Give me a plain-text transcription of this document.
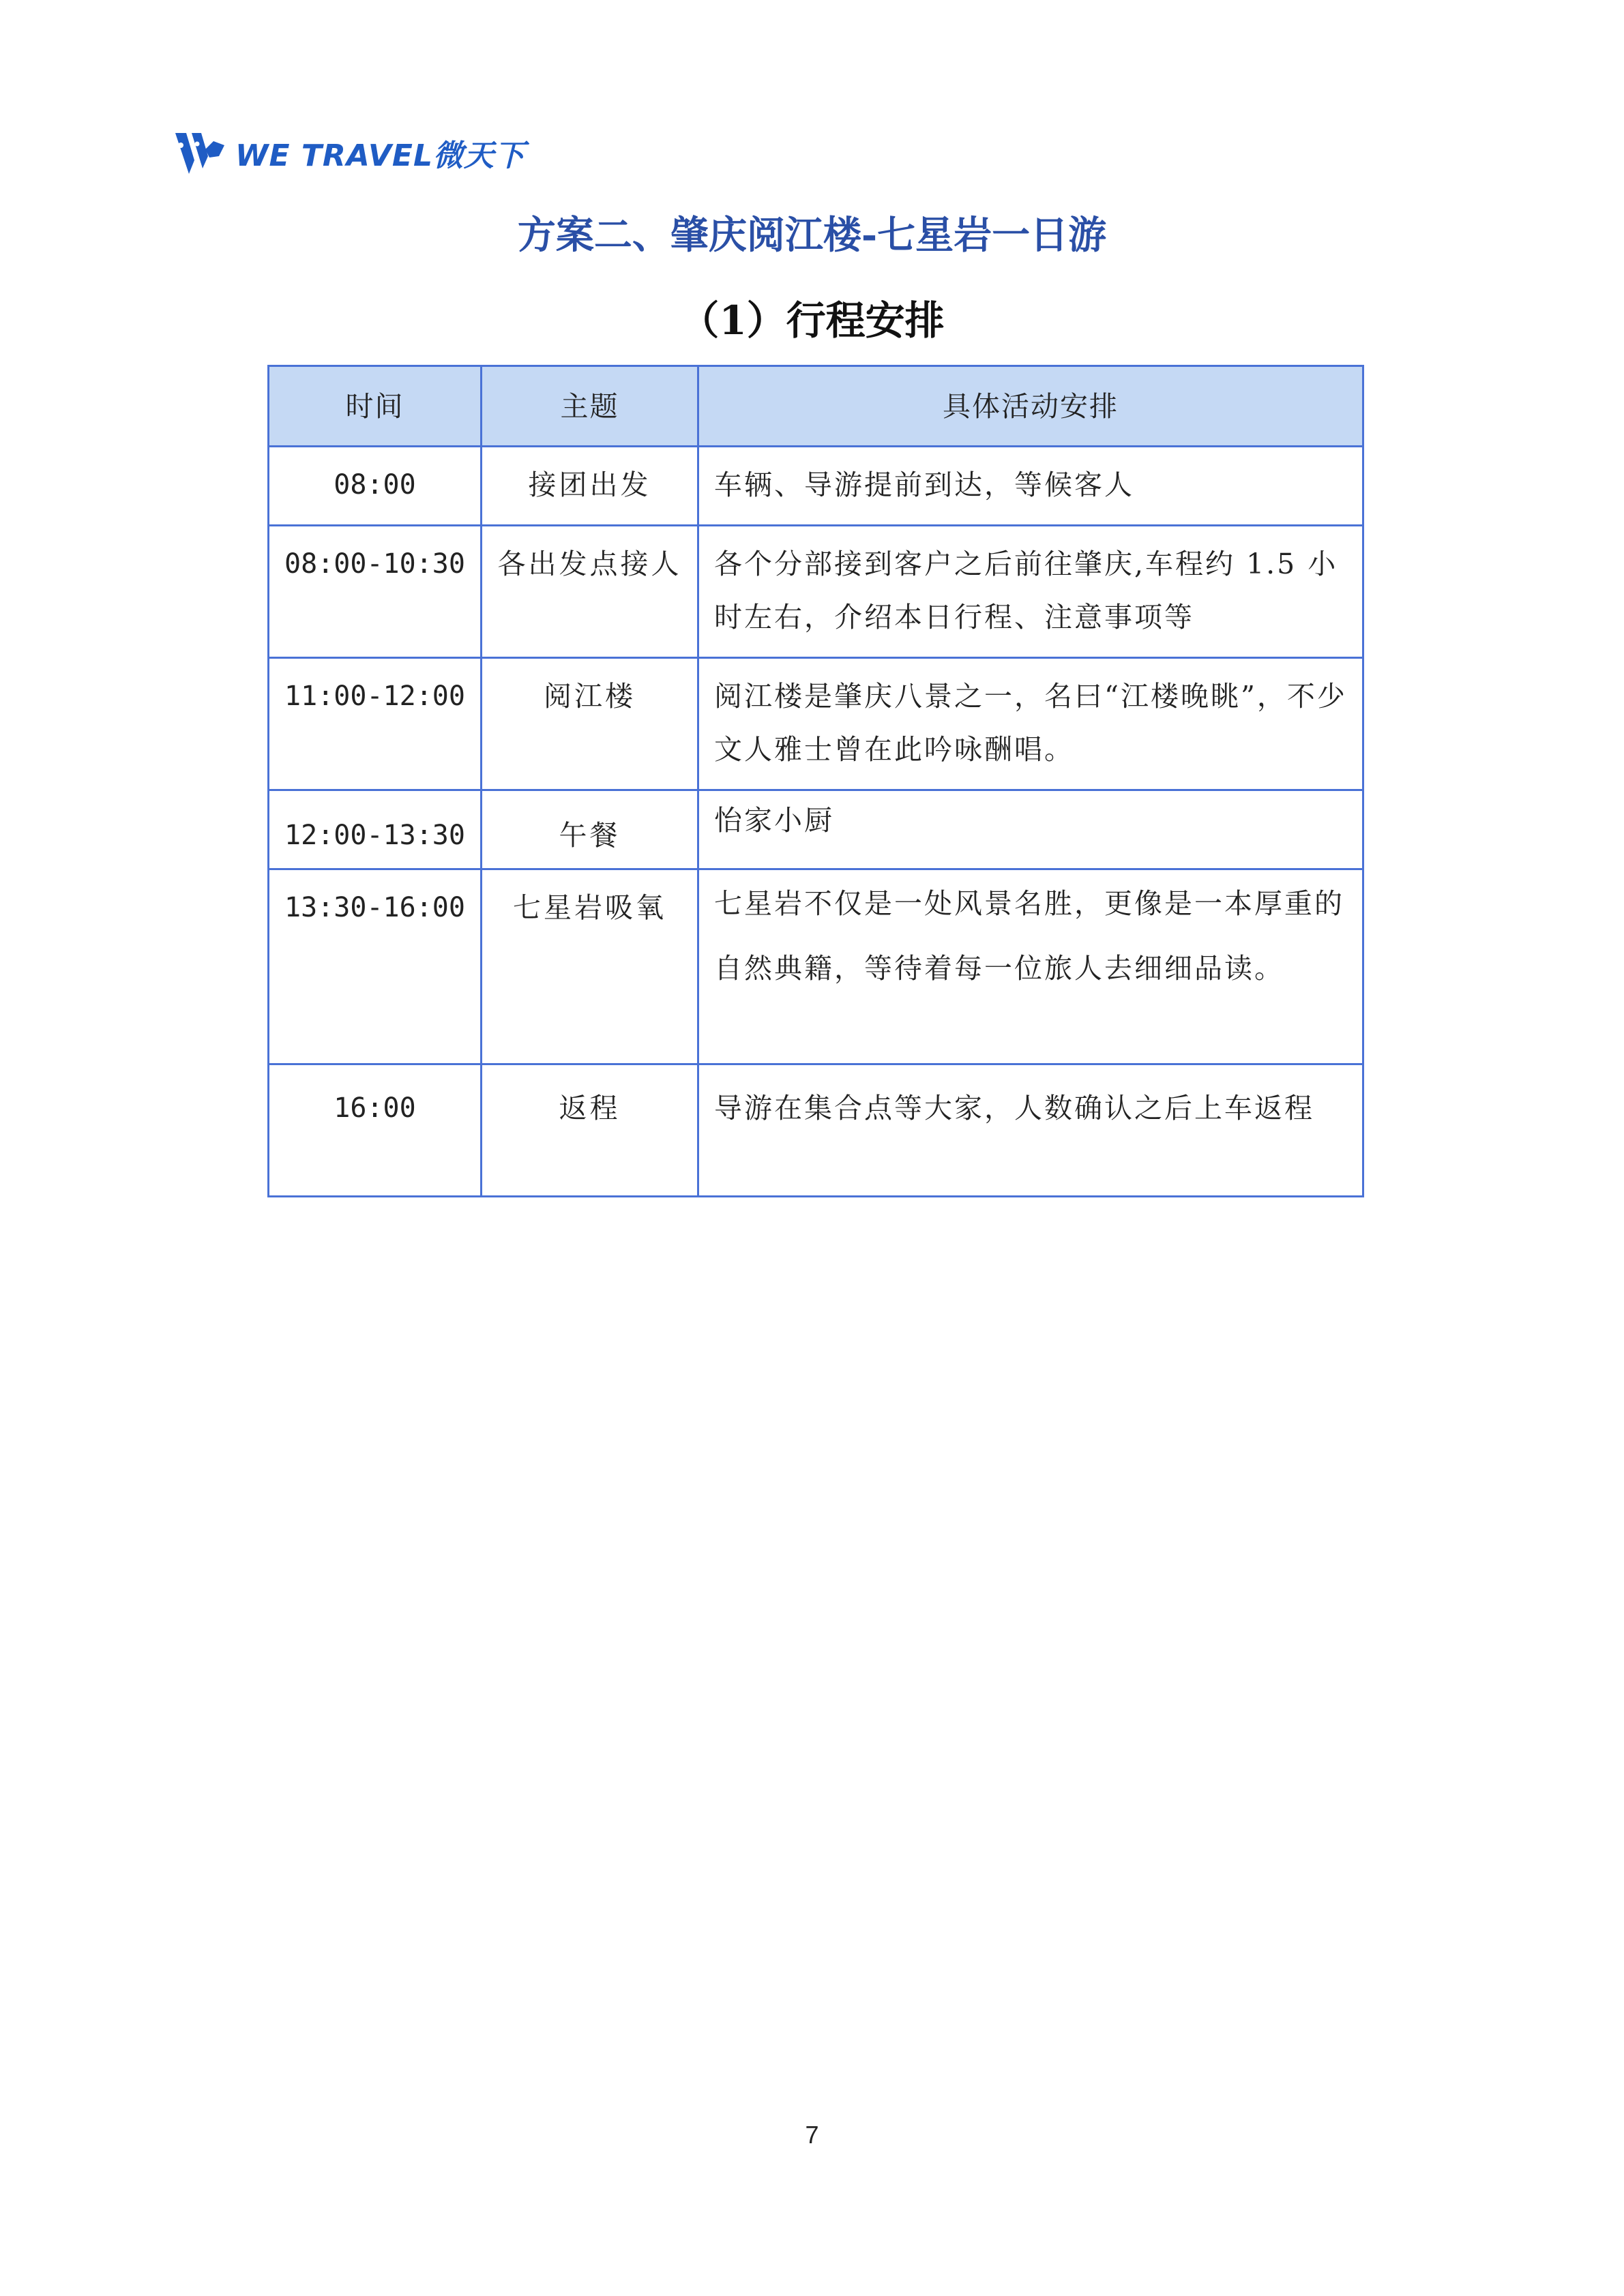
WE TRAVEL微天下
方案二、肇庆阅江楼-七星岩一日游
（1）行程安排
时间	主题	具体活动安排
08:00	接团出发	车辆、导游提前到达，等候客人
08:00-10:30	各出发点接人	各个分部接到客户之后前往肇庆,车程约 1.5 小时左右，介绍本日行程、注意事项等
11:00-12:00	阅江楼	阅江楼是肇庆八景之一，名曰“江楼晚眺”，不少文人雅士曾在此吟咏酬唱。
12:00-13:30	午餐	怡家小厨
13:30-16:00	七星岩吸氧	七星岩不仅是一处风景名胜，更像是一本厚重的自然典籍，等待着每一位旅人去细细品读。
16:00	返程	导游在集合点等大家，人数确认之后上车返程
7
